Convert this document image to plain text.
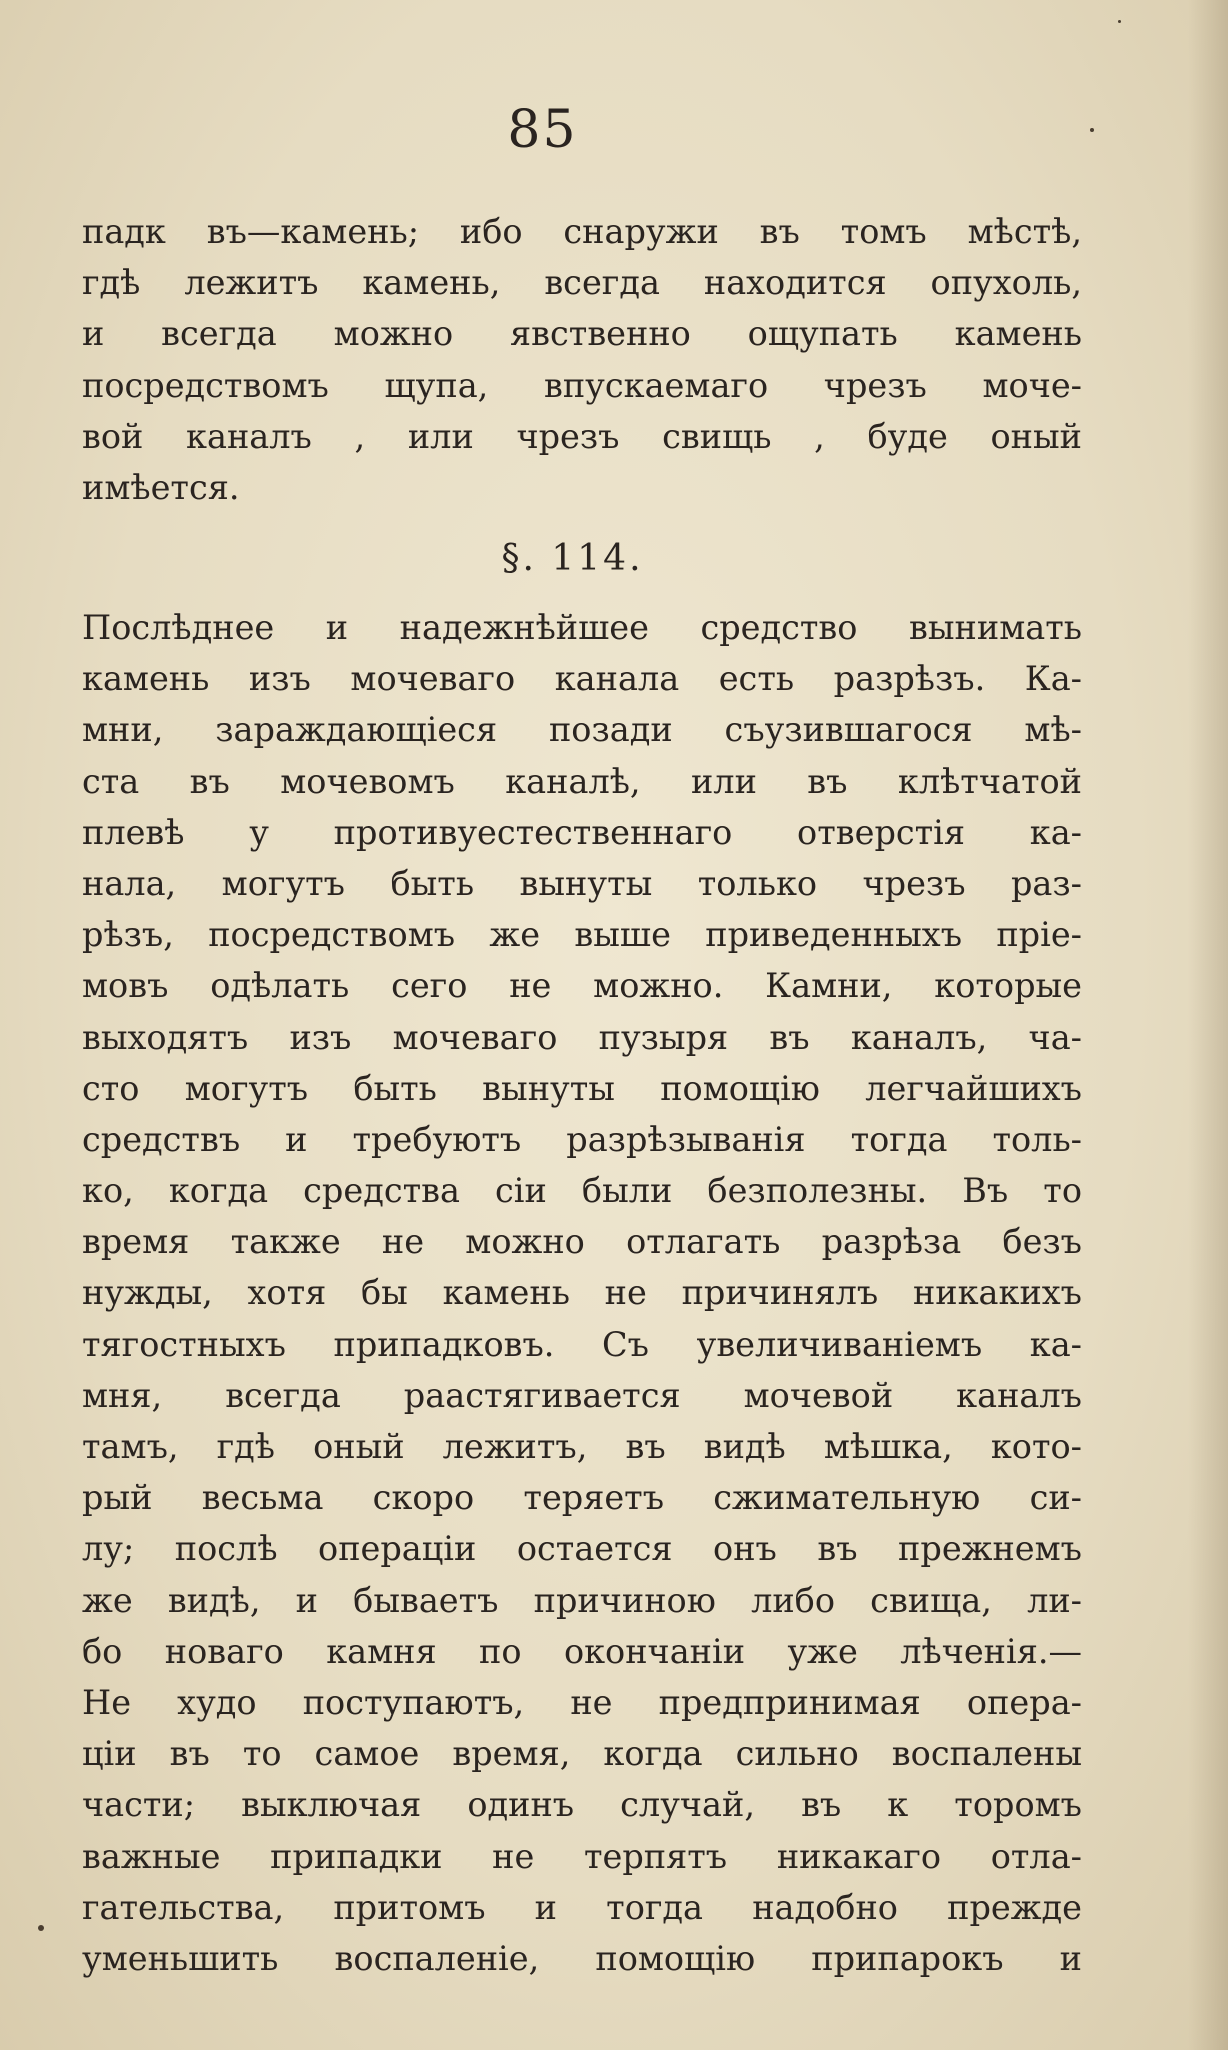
85
падк въ—камень; ибо снаружи въ томъ мѣстѣ,
гдѣ лежитъ камень, всегда находится опухоль,
и всегда можно явственно ощупать камень
посредствомъ щупа, впускаемаго чрезъ моче-
вой каналъ , или чрезъ свищь , буде оный
имѣется.
§. 114.
Послѣднее и надежнѣйшее средство вынимать
камень изъ мочеваго канала есть разрѣзъ. Ка-
мни, зараждающіеся позади съузившагося мѣ-
ста въ мочевомъ каналѣ, или въ клѣтчатой
плевѣ у противуестественнаго отверстія ка-
нала, могутъ быть вынуты только чрезъ раз-
рѣзъ, посредствомъ же выше приведенныхъ пріе-
мовъ одѣлать сего не можно. Камни, которые
выходятъ изъ мочеваго пузыря въ каналъ, ча-
сто могутъ быть вынуты помощію легчайшихъ
средствъ и требуютъ разрѣзыванія тогда толь-
ко, когда средства сіи были безполезны. Въ то
время также не можно отлагать разрѣза безъ
нужды, хотя бы камень не причинялъ никакихъ
тягостныхъ припадковъ. Съ увеличиваніемъ ка-
мня, всегда раастягивается мочевой каналъ
тамъ, гдѣ оный лежитъ, въ видѣ мѣшка, кото-
рый весьма скоро теряетъ сжимательную си-
лу; послѣ операціи остается онъ въ прежнемъ
же видѣ, и бываетъ причиною либо свища, ли-
бо новаго камня по окончаніи уже лѣченія.—
Не худо поступаютъ, не предпринимая опера-
ціи въ то самое время, когда сильно воспалены
части; выключая одинъ случай, въ к торомъ
важные припадки не терпятъ никакаго отла-
гательства, притомъ и тогда надобно прежде
уменьшить воспаленіе, помощію припарокъ и
